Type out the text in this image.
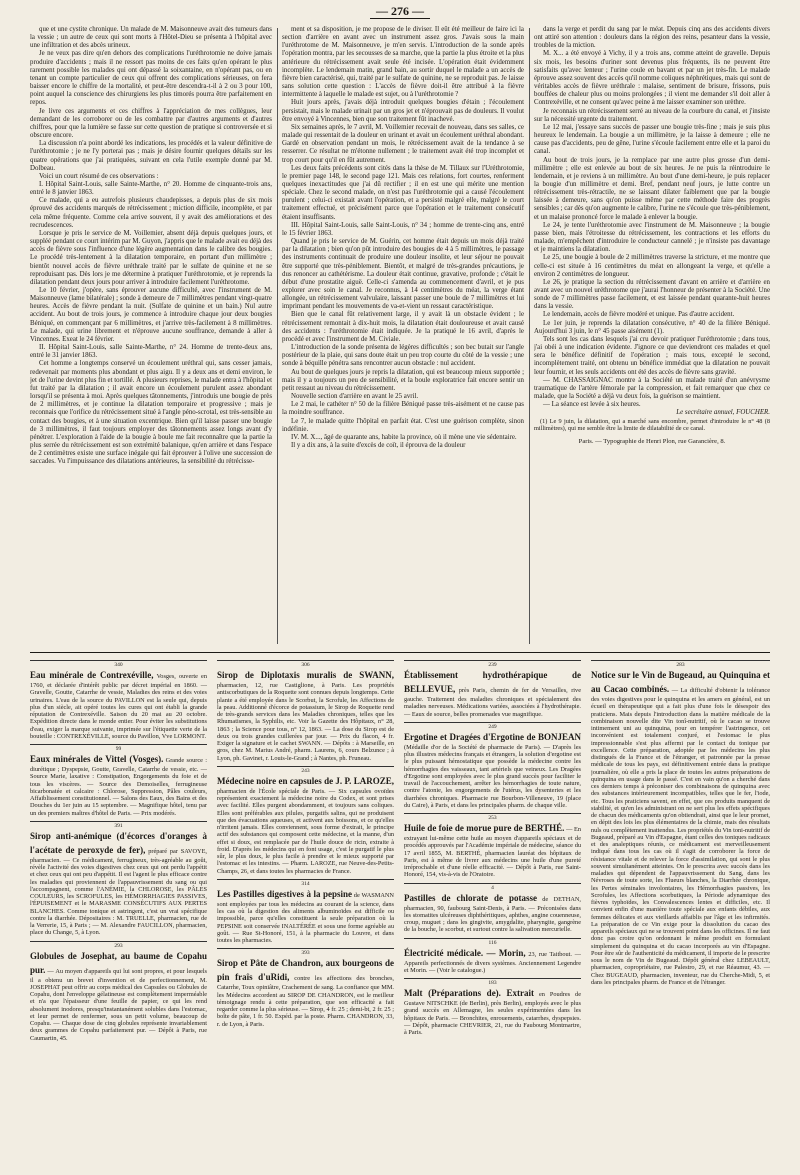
— 276 —

que et une cystite chronique. Un malade de M. Maisonneuve avait des tumeurs dans la vessie ; un autre de ceux qui sont morts à l'Hôtel-Dieu se présenta à l'hôpital avec une infiltration et des abcès urineux.

Je ne veux pas dire qu'en dehors des complications l'uréthrotomie ne doive jamais produire d'accidents ; mais il ne ressort pas moins de ces faits qu'en opérant le plus rarement possible les malades qui ont dépassé la soixantaine, en n'opérant pas, ou en tenant un compte particulier de ceux qui offrent des complications sérieuses, on fera baisser encore le chiffre de la mortalité, et peut-être descendra-t-il à 2 ou 3 pour 100, point auquel la conscience des chirurgiens les plus timorés pourra être parfaitement en repos.

Je livre ces arguments et ces chiffres à l'appréciation de mes collègues, leur demandant de les corroborer ou de les combattre par d'autres arguments et d'autres chiffres, pour que la lumière se fasse sur cette question de pratique si controversée et si obscure encore.

La discussion n'a point abordé les indications, les procédés et la valeur définitive de l'uréthrotomie ; je ne l'y porterai pas ; mais je désire fournir quelques détails sur les quatre opérations que j'ai pratiquées, suivant en cela l'utile exemple donné par M. Dolbeau.

Voici un court résumé de ces observations :

I. Hôpital Saint-Louis, salle Sainte-Marthe, n° 20. Homme de cinquante-trois ans, entré le 8 janvier 1863.

Ce malade, qui a eu autrefois plusieurs chaudepisses, a depuis plus de six mois éprouvé des accidents marqués de rétrécissement ; miction difficile, incomplète, et par cela même fréquente. Comme cela arrive souvent, il y avait des améliorations et des recrudescences.

Lorsque je pris le service de M. Voillemier, absent déjà depuis quelques jours, et suppléé pendant ce court intérim par M. Guyon, j'appris que le malade avait eu déjà des accès de fièvre sous l'influence d'une légère augmentation dans le calibre des bougies. Le procédé très-lentement à la dilatation temporaire, en portant d'un millimètre ; bientôt nouvel accès de fièvre uréthrale traité par le sulfate de quinine et ne se reproduisant pas. Dès lors je me détermine à pratiquer l'uréthrotomie, et je reprends la dilatation pendant deux jours pour arriver à introduire facilement l'uréthrotome.

Le 10 février, j'opère, sans éprouver aucune difficulté, avec l'instrument de M. Maisonneuve (lame bilatérale) ; sonde à demeure de 7 millimètres pendant vingt-quatre heures. Accès de fièvre pendant la nuit. (Sulfate de quinine et un bain.) Nul autre accident. Au bout de trois jours, je commence à introduire chaque jour deux bougies Béniqué, en commençant par 6 millimètres, et j'arrive très-facilement à 8 millimètres. Le malade, qui urine librement et n'éprouve aucune souffrance, demande à aller à Vincennes. Exeat le 24 février.

II. Hôpital Saint-Louis, salle Sainte-Marthe, n° 24. Homme de trente-deux ans, entré le 31 janvier 1863.

Cet homme a longtemps conservé un écoulement uréthral qui, sans cesser jamais, redevenait par moments plus abondant et plus aigu. Il y a deux ans et demi environ, le jet de l'urine devint plus fin et tortillé. À plusieurs reprises, le malade entra à l'hôpital et fut traité par la dilatation ; il avait encore un écoulement purulent assez abondant lorsqu'il se présenta à moi. Après quelques tâtonnements, j'introduis une bougie de près de 2 millimètres, et je continue la dilatation temporaire et progressive ; mais je reconnais que l'orifice du rétrécissement situé à l'angle péno-scrotal, est très-sensible au contact des bougies, et à une situation excentrique. Bien qu'il laisse passer une bougie de 3 millimètres, il faut toujours employer des tâtonnements assez longs avant d'y pénétrer. L'exploration à l'aide de la bougie à boule me fait reconnaître que la partie la plus serrée du rétrécissement est son extrémité balanique, qu'en arrière et dans l'espace de 2 centimètres existe une surface inégale qui fait éprouver à l'olive une succession de saccades. Vu l'impuissance des dilatations antérieures, la sensibilité du rétrécisse-

ment et sa disposition, je me propose de le diviser. Il eût été meilleur de faire ici la section d'arrière en avant avec un instrument assez gros. J'avais sous la main l'uréthrotome de M. Maisonneuve, je m'en servis. L'introduction de la sonde après l'opération montra, par les secousses de sa marche, que la partie la plus étroite et la plus antérieure du rétrécissement avait seule été incisée. L'opération était évidemment incomplète. Le lendemain matin, grand bain, au sortir duquel le malade a un accès de fièvre bien caractérisé, qui, traité par le sulfate de quinine, ne se reproduit pas. Je laisse sans solution cette question : L'accès de fièvre doit-il être attribué à la fièvre intermittente à laquelle le malade est sujet, ou à l'uréthrotomie ?

Huit jours après, j'avais déjà introduit quelques bougies d'étain ; l'écoulement persistait, mais le malade urinait par un gros jet et n'éprouvait pas de douleurs. Il voulut être envoyé à Vincennes, bien que son traitement fût inachevé.

Six semaines après, le 7 avril, M. Voillemier recevait de nouveau, dans ses salles, ce malade qui ressentait de la douleur en urinant et avait un écoulement uréthral abondant. Gardé en observation pendant un mois, le rétrécissement avait de la tendance à se resserrer. Ce résultat ne m'étonne nullement ; le traitement avait été trop incomplet et trop court pour qu'il en fût autrement.

Les deux faits précédents sont cités dans la thèse de M. Tillaux sur l'Uréthrotomie, le premier page 148, le second page 121. Mais ces relations, fort courtes, renferment quelques inexactitudes que j'ai dû rectifier ; il en est une qui mérite une mention spéciale. Chez le second malade, on n'est pas l'uréthrotomie qui a causé l'écoulement purulent ; celui-ci existait avant l'opération, et a persisté malgré elle, malgré le court traitement effectué, et précisément parce que l'opération et le traitement consécutif étaient insuffisants.

III. Hôpital Saint-Louis, salle Saint-Louis, n° 34 ; homme de trente-cinq ans, entré le 15 février 1863.

Quand je pris le service de M. Guérin, cet homme était depuis un mois déjà traité par la dilatation ; bien qu'on pût introduire des bougies de 4 à 5 millimètres, le passage des instruments continuait de produire une douleur insolite, et leur séjour ne pouvait être supporté que très-péniblement. Bientôt, et malgré de très-grandes précautions, je dus renoncer au cathétérisme. La douleur était continue, gravative, profonde ; c'était le début d'une prostatite aiguë. Celle-ci s'amenda au commencement d'avril, et je pus explorer avec soin le canal. Je reconnus, à 14 centimètres du méat, la verge étant allongée, un rétrécissement valvulaire, laissant passer une boule de 7 millimètres et lui imprimant pendant les mouvements de va-et-vient un ressaut caractéristique.

Bien que le canal fût relativement large, il y avait là un obstacle évident ; le rétrécissement remontait à dix-huit mois, la dilatation était douloureuse et avait causé des accidents : l'uréthrotomie était indiquée. Je la pratiqué le 16 avril, d'après le procédé et avec l'instrument de M. Civiale.

L'introduction de la sonde présenta de légères difficultés ; son bec butait sur l'angle postérieur de la plaie, qui sans doute était un peu trop courte du côté de la vessie ; une sonde à béquille pénétra sans rencontrer aucun obstacle : nul accident.

Au bout de quelques jours je repris la dilatation, qui est beaucoup mieux supportée ; mais il y a toujours un peu de sensibilité, et la boule exploratrice fait encore sentir un petit ressaut au niveau du rétrécissement.

Nouvelle section d'arrière en avant le 25 avril.

Le 2 mai, le cathéter n° 50 de la filière Béniqué passe très-aisément et ne cause pas la moindre souffrance.

Le 7, le malade quitte l'hôpital en parfait état. C'est une guérison complète, sinon indéfinie.

IV. M. X..., âgé de quarante ans, habite la province, où il mène une vie sédentaire.

Il y a dix ans, à la suite d'excès de coït, il éprouva de la douleur

dans la verge et perdit du sang par le méat. Depuis cinq ans des accidents divers ont attiré son attention : douleurs dans la région des reins, pesanteur dans la vessie, troubles de la miction.

M. X... a été envoyé à Vichy, il y a trois ans, comme atteint de gravelle. Depuis six mois, les besoins d'uriner sont devenus plus fréquents, ils ne peuvent être satisfaits qu'avec lenteur ; l'urine coule en bavant et par un jet très-fin. Le malade éprouve assez souvent des accès qu'il nomme coliques néphrétiques, mais qui sont de véritables accès de fièvre uréthrale : malaise, sentiment de brisure, frissons, puis bouffées de chaleur plus ou moins prolongées ; il vient me demander s'il doit aller à Contrexéville, et ne consent qu'avec peine à me laisser examiner son urèthre.

Je reconnais un rétrécissement serré au niveau de la courbure du canal, et j'insiste sur la nécessité urgente du traitement.

Le 12 mai, j'essaye sans succès de passer une bougie très-fine ; mais je suis plus heureux le lendemain. La bougie a un millimètre, je la laisse à demeure ; elle ne cause pas d'accidents, peu de gêne, l'urine s'écoule facilement entre elle et la paroi du canal.

Au bout de trois jours, je la remplace par une autre plus grosse d'un demi-millimètre ; elle est enlevée au bout de six heures. Je ne puis la réintroduire le lendemain, et je reviens à un millimètre. Au bout d'une demi-heure, je puis replacer la bougie d'un millimètre et demi. Bref, pendant neuf jours, je lutte contre un rétrécissement très-rétractile, ne se laissant dilater faiblement que par la bougie laissée à demeure, sans qu'on puisse même par cette méthode faire des progrès sensibles ; car dès qu'on augmente le calibre, l'urine ne s'écoule que très-péniblement, et un malaise prononcé force le malade à enlever la bougie.

Le 24, je tente l'uréthrotomie avec l'instrument de M. Maisonneuve ; la bougie passe bien, mais l'étroitesse du rétrécissement, les contractions et les efforts du malade, m'empêchent d'introduire le conducteur cannelé ; je n'insiste pas davantage et je maintiens la dilatation.

Le 25, une bougie à boule de 2 millimètres traverse la stricture, et me montre que celle-ci est située à 16 centimètres du méat en allongeant la verge, et qu'elle a environ 2 centimètres de longueur.

Le 26, je pratique la section du rétrécissement d'avant en arrière et d'arrière en avant avec un nouvel uréthrotome que j'aurai l'honneur de présenter à la Société. Une sonde de 7 millimètres passe facilement, et est laissée pendant quarante-huit heures dans la vessie.

Le lendemain, accès de fièvre modéré et unique. Pas d'autre accident.

Le 1er juin, je reprends la dilatation consécutive, n° 40 de la filière Béniqué. Aujourd'hui 3 juin, le n° 45 passe aisément (1).

Tels sont les cas dans lesquels j'ai cru devoir pratiquer l'uréthrotomie ; dans tous, j'ai obéi à une indication évidente. J'ignore ce que deviendront ces malades et quel sera le bénéfice définitif de l'opération ; mais tous, excepté le second, incomplètement traité, ont obtenu un bénéfice immédiat que la dilatation ne pouvait leur fournir, et les seuls accidents ont été des accès de fièvre sans gravité.

— M. CHASSAIGNAC montre à la Société un malade traité d'un anévrysme traumatique de l'artère fémorale par la compression, et fait remarquer que chez ce malade, que la Société a déjà vu deux fois, la guérison se maintient.

— La séance est levée à six heures.

Le secrétaire annuel, FOUCHER.

(1) Le 9 juin, la dilatation, qui a marché sans encombre, permet d'introduire le n° 48 (8 millimètres), qui me semble être la limite de dilatabilité de ce canal.

Paris. — Typographie de Henri Plon, rue Garancière, 8.

340
Eau minérale de Contrexéville, Vosges, ouverte en 1760, et déclarée d'intérêt public par décret impérial en 1860. — Gravelle, Goutte, Catarrhe de vessie, Maladies des reins et des voies urinaires. L'eau de la source du PAVILLON est la seule qui, depuis plus d'un siècle, ait opéré toutes les cures qui ont établi la grande réputation de Contrexéville. Saison du 20 mai au 20 octobre. Expédition directe dans le monde entier. Pour éviter les substitutions d'eau, exiger la marque suivante, imprimée sur l'étiquette verte de la bouteille : CONTREXÉVILLE, source du Pavillon, Vve LORMONT.
99
Eaux minérales de Vittel (Vosges). Grande source : diurétique ; Dyspepsie, Goutte, Gravelle, Catarrhe de vessie, etc. — Source Marie, laxative : Constipation, Engorgements du foie et de tous les viscères. — Source des Demoiselles, ferrugineuse bicarbonatée et calcaire : Chlorose, Suppression, Pâles couleurs, Affaiblissement constitutionnel. — Salons des Eaux, des Bains et des Douches du 1er juin au 15 septembre. — Magnifique hôtel, tenu par un des premiers maîtres d'hôtel de Paris. — Prix modérés.
391
Sirop anti-anémique (d'écorces d'oranges à l'acétate de peroxyde de fer), préparé par SAVOYE, pharmacien. — Ce médicament, ferrugineux, très-agréable au goût, révèle l'activité des voies digestives chez ceux qui ont perdu l'appétit et chez ceux qui ont peu d'appétit. Il est l'agent le plus efficace contre les maladies qui proviennent de l'appauvrissement du sang ou qui l'accompagnent, comme l'ANÉMIE, la CHLOROSE, les PÂLES COULEURS, les SCROFULES, les HÉMORRHAGIES PASSIVES, l'ÉPUISEMENT et le MARASME CONSÉCUTIFS AUX PERTES BLANCHES. Comme tonique et astringent, c'est un vrai spécifique contre la diarrhée. Dépositaires : M. TRUELLE, pharmacien, rue de la Verrerie, 15, à Paris ; — M. Alexandre FAUCILLON, pharmacien, place du Change, 5, à Lyon.
293
Globules de Josephat, au baume de Copahu pur. — Au moyen d'appareils qui lui sont propres, et pour lesquels il a obtenu un brevet d'invention et de perfectionnement, M. JOSEPHAT peut offrir au corps médical des Capsules ou Globules de Copahu, dont l'enveloppe gélatineuse est complètement imperméable et n'a que l'épaisseur d'une feuille de papier, ce qui les rend absolument inodores, presqu'instantanément solubles dans l'estomac, et leur permet de renfermer, sous un petit volume, beaucoup de Copahu. — Chaque dose de cinq globules représente invariablement deux grammes de Copahu parfaitement pur. — Dépôt à Paris, rue Caumartin, 45.
306
Sirop de Diplotaxis muralis de SWANN, pharmacien, 12, rue Castiglione, à Paris. Les propriétés antiscorbutiques de la Roquette sont connues depuis longtemps. Cette plante a été employée dans le Scorbut, la Scrofule, les Affections de la peau. Additionné d'écorce de potassium, le Sirop de Roquette rend de très-grands services dans les Maladies chroniques, telles que les Rhumatismes, la Syphilis, etc. Voir la Gazette des Hôpitaux, n° 28, 1863 ; la Science pour tous, n° 12, 1863. — La dose du Sirop est de deux ou trois grandes cuillerées par jour. — Prix du flacon, 4 fr. Exiger la signature et le cachet SWANN. — Dépôts : à Marseille, en gros, chez M. Marius André, pharm. Laurens, 6, cours Belzunce ; à Lyon, ph. Gavinet, r. Louis-le-Grand ; à Nantes, ph. Fruneau.
243
Médecine noire en capsules de J. P. LAROZE, pharmacien de l'École spéciale de Paris. — Six capsules ovoïdes représentent exactement la médecine noire du Codex, et sont prises avec facilité. Elles purgent abondamment, et toujours sans coliques. Elles sont préférables aux pilules, purgatifs salins, qui ne produisent que des évacuations aqueuses, et activent aux boissons, et ce qu'elles n'irritent jamais. Elles conviennent, sous forme d'extrait, le principe actif des substances qui composent cette médecine, et la manne, d'un effet si doux, est remplacée par de l'huile douce de ricin, extraite à froid. D'après les médecins qui en font usage, c'est le purgatif le plus sûr, le plus doux, le plus facile à prendre et le mieux supporté par l'estomac et les intestins. — Pharm. LAROZE, rue Neuve-des-Petits-Champs, 26, et dans toutes les pharmacies de France.
314
Les Pastilles digestives à la pepsine de WASMANN sont employées par tous les médecins au courant de la science, dans les cas où la digestion des aliments albuminoïdes est difficile ou impossible, parce qu'elles constituent la seule préparation où la PEPSINE soit conservée INALTÉRÉE et sous une forme agréable au goût. — Rue St-Honoré, 151, à la pharmacie du Louvre, et dans toutes les pharmacies.
393
Sirop et Pâte de Chandron, aux bourgeons de pin fraîs d'uRidi, contre les affections des bronches, Catarrhe, Toux opiniâtre, Crachement de sang. La confiance que MM. les Médecins accordent au SIROP DE CHANDRON, est le meilleur témoignage rendu à cette préparation, que son efficacité a fait regarder comme la plus sérieuse. — Sirop, 4 fr. 25 ; demi-bt, 2 fr. 25 ; boîte de pâte, 1 fr. 50. Expéd. par la poste. Pharm. CHANDRON, 33, r. de Lyon, à Paris.
239
Établissement hydrothérapique de BELLEVUE, près Paris, chemin de fer de Versailles, rive gauche. Traitement des maladies chroniques et spécialement des maladies nerveuses. Médications variées, associées à l'hydrothérapie. — Eaux de source, belles promenades vue magnifique.
249
Ergotine et Dragées d'Ergotine de BONJEAN (Médaille d'or de la Société de pharmacie de Paris). — D'après les plus illustres médecins français et étrangers, la solution d'ergotine est le plus puissant hémostatique que possède la médecine contre les hémorrhagies des vaisseaux, tant artériels que veineux. Les Dragées d'Ergotine sont employées avec le plus grand succès pour faciliter le travail de l'accouchement, arrêter les hémorrhagies de toute nature, contre l'atonie, les engorgements de l'utérus, les dysenteries et les diarrhées chroniques. Pharmacie rue Bourbon-Villeneuve, 19 (place du Caire), à Paris, et dans les principales pharm. de chaque ville.
253
Huile de foie de morue pure de BERTHÉ. — En extrayant lui-même cette huile au moyen d'appareils spéciaux et de procédés approuvés par l'Académie impériale de médecine, séance du 17 avril 1855, M. BERTHÉ, pharmacien lauréat des hôpitaux de Paris, est à même de livrer aux médecins une huile d'une pureté irréprochable et d'une réelle efficacité. — Dépôt à Paris, rue Saint-Honoré, 154, vis-à-vis de l'Oratoire.
4
Pastilles de chlorate de potasse de DETHAN, pharmacien, 90, faubourg Saint-Denis, à Paris. — Préconisées dans les stomatites ulcéreuses diphthéritiques, aphthes, angine couenneuse, croup, muguet ; dans les gingivite, amygdalite, pharyngite, gangrène de la bouche, le scorbut, et surtout contre la salivation mercurielle.
116
Électricité médicale. — Morin, 23, rue Taitbout. — Appareils perfectionnés de divers systèmes. Anciennement Legendre et Morin. — (Voir le catalogue.)
183
Malt (Préparations de). Extrait en Poudres de Gustave NITSCHKE (de Berlin), près Berlin), employés avec le plus grand succès en Allemagne, les seules expérimentées dans les hôpitaux de Paris. — Bronchites, enrouements, catarrhes, dyspepsies. — Dépôt, pharmacie CHEVRIER, 21, rue du Faubourg Montmartre, à Paris.
283
Notice sur le Vin de Bugeaud, au Quinquina et au Cacao combinés. — La difficulté d'obtenir la tolérance des voies digestives pour le quinquina et les amers en général, est un écueil en thérapeutique qui a fait plus d'une fois le désespoir des praticiens. Mais depuis l'introduction dans la matière médicale de la combinaison nouvelle dite Vin tonî-nutritif, où le cacao se trouve intimement uni au quinquina, pour en tempérer l'astringence, cet inconvénient est totalement conjuré, et l'estomac le plus impressionnable s'est plus affermi par le contact du tonique par excellence. Cette préparation, adoptée par les médecins les plus distingués de la France et de l'étranger, et patronnée par la presse médicale de tous les pays, est définitivement entrée dans la pratique journalière, où elle a pris la place de toutes les autres préparations de quinquina en usage dans le passé. C'est en vain qu'on a cherché dans ces derniers temps à préconiser des combinaisons de quinquina avec des substances intérieurement incompatibles, telles que le fer, l'iode, etc. Tous les praticiens savent, en effet, que ces produits manquent de stabilité, et qu'en les administrant on ne sert plus les effets spécifiques de chacun des médicaments qu'on obtiendrait, ainsi que le leur promet, en dépit des lois les plus élémentaires de la chimie, mais des résultats nuls ou complètement inattendus. Les propriétés du Vin toni-nutritif de Bugeaud, préparé au Vin d'Espagne, étant celles des toniques radicaux et des analeptiques réunis, ce médicament est merveilleusement indiqué dans tous les cas où il s'agit de corroborer la force de résistance vitale et de relever la force d'assimilation, qui sont le plus souvent simultanément atteintes. On le prescrira avec succès dans les maladies qui dépendent de l'appauvrissement du Sang, dans les Névroses de toute sorte, les Flueurs blanches, la Diarrhée chronique, les Pertes séminales involontaires, les Hémorrhagies passives, les Scrofules, les Affections scorbutiques, la Période adynamique des fièvres typhoïdes, les Convalescences lentes et difficiles, etc. Il convient enfin d'une manière toute spéciale aux enfants débiles, aux femmes délicates et aux vieillards affaiblis par l'âge et les infirmités. La préparation de ce Vin exige pour la dissolution du cacao des appareils spéciaux qui ne se trouvent point dans les officines. Il ne faut donc pas croire qu'on ordonnant le même produit en formulant simplement du quinquina et du cacao incorporés au vin d'Espagne. Pour être sûr de l'authenticité du médicament, il importe de le prescrire sous le nom de Vin de Bugeaud. Dépôt général chez LEBEAULT, pharmacien, copropriétaire, rue Palestro, 29, et rue Réaumur, 43. — Chez BUGEAUD, pharmacien, inventeur, rue du Cherche-Midi, 5, et dans les principales pharm. de France et de l'étranger.
